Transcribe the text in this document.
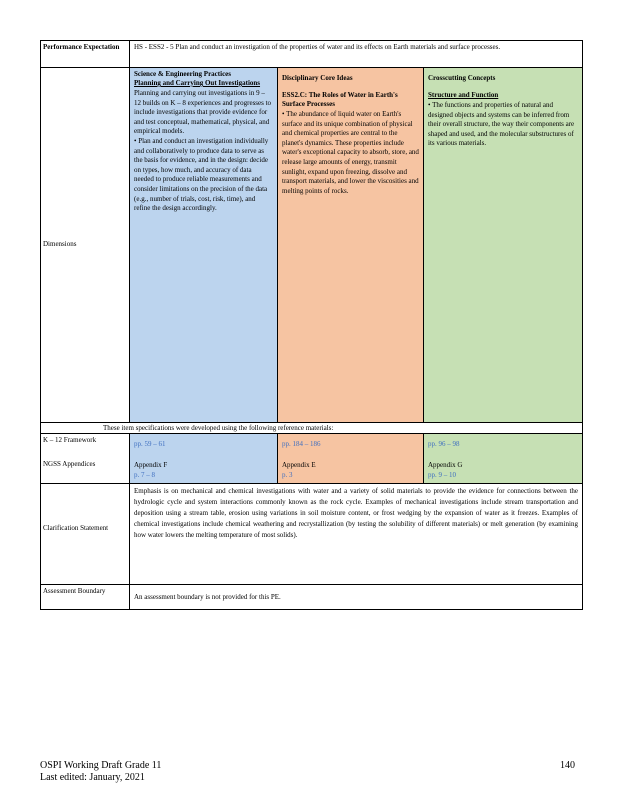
Performance Expectation	HS - ESS2 - 5 Plan and conduct an investigation of the properties of water and its effects on Earth materials and surface processes.
Dimensions
Science & Engineering Practices
Planning and Carrying Out Investigations

Planning and carrying out investigations in 9 – 12 builds on K – 8 experiences and progresses to include investigations that provide evidence for and test conceptual, mathematical, physical, and empirical models.

• Plan and conduct an investigation individually and collaboratively to produce data to serve as the basis for evidence, and in the design: decide on types, how much, and accuracy of data needed to produce reliable measurements and consider limitations on the precision of the data (e.g., number of trials, cost, risk, time), and refine the design accordingly.

Disciplinary Core Ideas
ESS2.C: The Roles of Water in Earth's Surface Processes

• The abundance of liquid water on Earth's surface and its unique combination of physical and chemical properties are central to the planet's dynamics. These properties include water's exceptional capacity to absorb, store, and release large amounts of energy, transmit sunlight, expand upon freezing, dissolve and transport materials, and lower the viscosities and melting points of rocks.

Crosscutting Concepts
Structure and Function

• The functions and properties of natural and designed objects and systems can be inferred from their overall structure, the way their components are shaped and used, and the molecular substructures of its various materials.

These item specifications were developed using the following reference materials:
K – 12 Framework
NGSS Appendices
pp. 59 – 61
Appendix F
p. 7 – 8
pp. 184 – 186
Appendix E
p. 3
pp. 96 – 98
Appendix G
pp. 9 – 10
Clarification Statement
Emphasis is on mechanical and chemical investigations with water and a variety of solid materials to provide the evidence for connections between the hydrologic cycle and system interactions commonly known as the rock cycle. Examples of mechanical investigations include stream transportation and deposition using a stream table, erosion using variations in soil moisture content, or frost wedging by the expansion of water as it freezes. Examples of chemical investigations include chemical weathering and recrystallization (by testing the solubility of different materials) or melt generation (by examining how water lowers the melting temperature of most solids).
Assessment Boundary
An assessment boundary is not provided for this PE.
OSPI Working Draft Grade 11
Last edited: January, 2021
140
